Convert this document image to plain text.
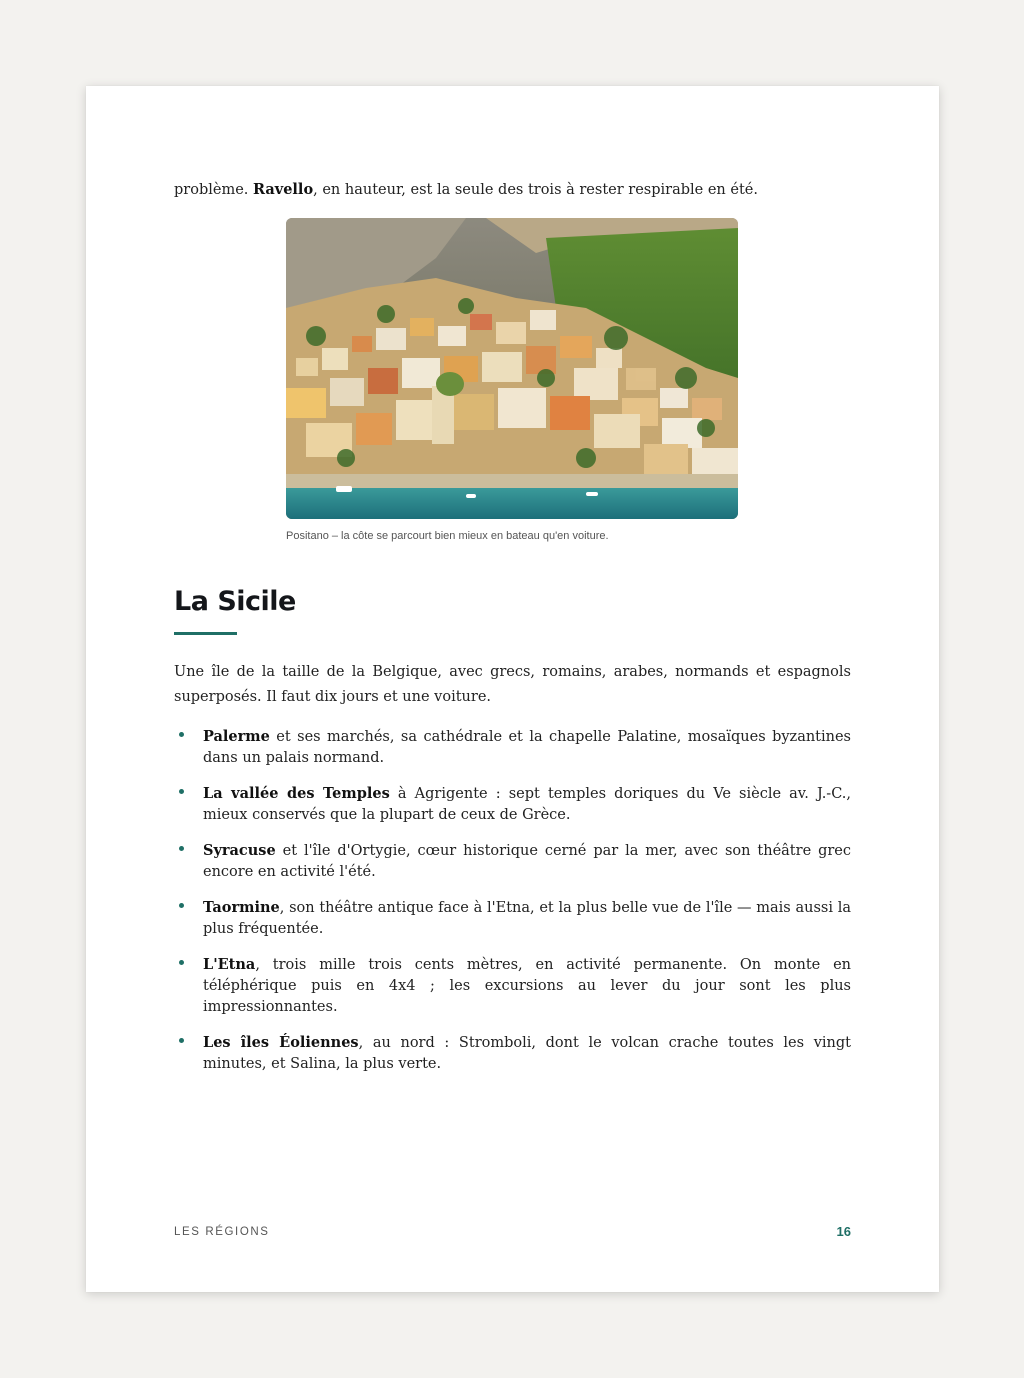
problème. Ravello, en hauteur, est la seule des trois à rester respirable en été.

Positano – la côte se parcourt bien mieux en bateau qu'en voiture.
La Sicile

Une île de la taille de la Belgique, avec grecs, romains, arabes, normands et espagnols superposés. Il faut dix jours et une voiture.

Palerme et ses marchés, sa cathédrale et la chapelle Palatine, mosaïques byzantines dans un palais normand.
La vallée des Temples à Agrigente : sept temples doriques du Ve siècle av. J.-C., mieux conservés que la plupart de ceux de Grèce.
Syracuse et l'île d'Ortygie, cœur historique cerné par la mer, avec son théâtre grec encore en activité l'été.
Taormine, son théâtre antique face à l'Etna, et la plus belle vue de l'île — mais aussi la plus fréquentée.
L'Etna, trois mille trois cents mètres, en activité permanente. On monte en téléphérique puis en 4x4 ; les excursions au lever du jour sont les plus impressionnantes.
Les îles Éoliennes, au nord : Stromboli, dont le volcan crache toutes les vingt minutes, et Salina, la plus verte.
LES RÉGIONS	16
